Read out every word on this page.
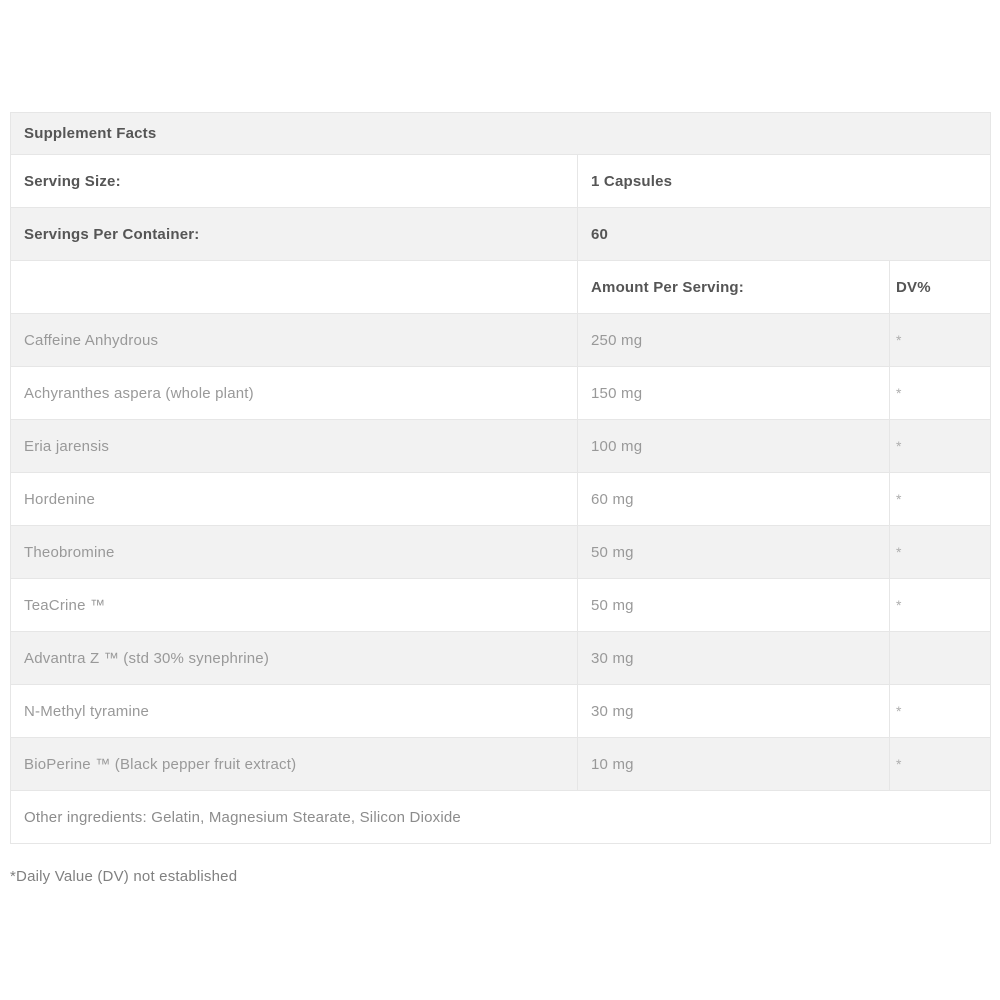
Supplement Facts		
Serving Size:	1 Capsules	
Servings Per Container:	60	
	Amount Per Serving:	DV%
Caffeine Anhydrous	250 mg	*
Achyranthes aspera (whole plant)	150 mg	*
Eria jarensis	100 mg	*
Hordenine	60 mg	*
Theobromine	50 mg	*
TeaCrine ™	50 mg	*
Advantra Z ™ (std 30% synephrine)	30 mg	
N-Methyl tyramine	30 mg	*
BioPerine ™ (Black pepper fruit extract)	10 mg	*
Other ingredients: Gelatin, Magnesium Stearate, Silicon Dioxide		
*Daily Value (DV) not established
